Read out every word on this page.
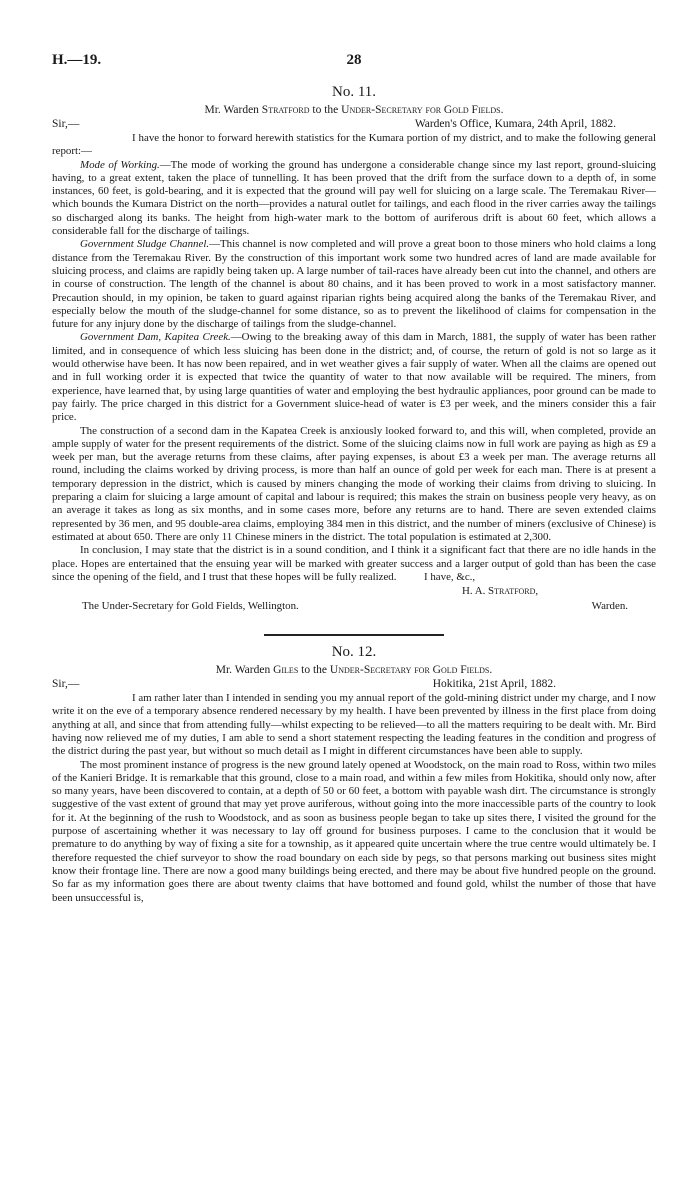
H.—19.	28
No. 11.
Mr. Warden Stratford to the Under-Secretary for Gold Fields.
Sir,—	Warden's Office, Kumara, 24th April, 1882.

I have the honor to forward herewith statistics for the Kumara portion of my district, and to make the following general report:—

Mode of Working.—The mode of working the ground has undergone a considerable change since my last report, ground-sluicing having, to a great extent, taken the place of tunnelling. It has been proved that the drift from the surface down to a depth of, in some instances, 60 feet, is gold-bearing, and it is expected that the ground will pay well for sluicing on a large scale. The Teremakau River—which bounds the Kumara District on the north—provides a natural outlet for tailings, and each flood in the river carries away the tailings so discharged along its banks. The height from high-water mark to the bottom of auriferous drift is about 60 feet, which allows a considerable fall for the discharge of tailings.

Government Sludge Channel.—This channel is now completed and will prove a great boon to those miners who hold claims a long distance from the Teremakau River. By the construction of this important work some two hundred acres of land are made available for sluicing process, and claims are rapidly being taken up. A large number of tail-races have already been cut into the channel, and others are in course of construction. The length of the channel is about 80 chains, and it has been proved to work in a most satisfactory manner. Precaution should, in my opinion, be taken to guard against riparian rights being acquired along the banks of the Teremakau River, and especially below the mouth of the sludge-channel for some distance, so as to prevent the likelihood of claims for compensation in the future for any injury done by the discharge of tailings from the sludge-channel.

Government Dam, Kapitea Creek.—Owing to the breaking away of this dam in March, 1881, the supply of water has been rather limited, and in consequence of which less sluicing has been done in the district; and, of course, the return of gold is not so large as it would otherwise have been. It has now been repaired, and in wet weather gives a fair supply of water. When all the claims are opened out and in full working order it is expected that twice the quantity of water to that now available will be required. The miners, from experience, have learned that, by using large quantities of water and employing the best hydraulic appliances, poor ground can be made to pay fairly. The price charged in this district for a Government sluice-head of water is £3 per week, and the miners consider this a fair price.

The construction of a second dam in the Kapatea Creek is anxiously looked forward to, and this will, when completed, provide an ample supply of water for the present requirements of the district. Some of the sluicing claims now in full work are paying as high as £9 a week per man, but the average returns from these claims, after paying expenses, is about £3 a week per man. The average returns all round, including the claims worked by driving process, is more than half an ounce of gold per week for each man. There is at present a temporary depression in the district, which is caused by miners changing the mode of working their claims from driving to sluicing. In preparing a claim for sluicing a large amount of capital and labour is required; this makes the strain on business people very heavy, as on an average it takes as long as six months, and in some cases more, before any returns are to hand. There are seven extended claims represented by 36 men, and 95 double-area claims, employing 384 men in this district, and the number of miners (exclusive of Chinese) is estimated at about 650. There are only 11 Chinese miners in the district. The total population is estimated at 2,300.

In conclusion, I may state that the district is in a sound condition, and I think it a significant fact that there are no idle hands in the place. Hopes are entertained that the ensuing year will be marked with greater success and a larger output of gold than has been the case since the opening of the field, and I trust that these hopes will be fully realized.	I have, &c.,
H. A. Stratford,
The Under-Secretary for Gold Fields, Wellington.	Warden.
No. 12.
Mr. Warden Giles to the Under-Secretary for Gold Fields.
Sir,—	Hokitika, 21st April, 1882.

I am rather later than I intended in sending you my annual report of the gold-mining district under my charge, and I now write it on the eve of a temporary absence rendered necessary by my health. I have been prevented by illness in the first place from doing anything at all, and since that from attending fully—whilst expecting to be relieved—to all the matters requiring to be dealt with. Mr. Bird having now relieved me of my duties, I am able to send a short statement respecting the leading features in the condition and progress of the district during the past year, but without so much detail as I might in different circumstances have been able to supply.

The most prominent instance of progress is the new ground lately opened at Woodstock, on the main road to Ross, within two miles of the Kanieri Bridge. It is remarkable that this ground, close to a main road, and within a few miles from Hokitika, should only now, after so many years, have been discovered to contain, at a depth of 50 or 60 feet, a bottom with payable wash dirt. The circumstance is strongly suggestive of the vast extent of ground that may yet prove auriferous, without going into the more inaccessible parts of the country to look for it. At the beginning of the rush to Woodstock, and as soon as business people began to take up sites there, I visited the ground for the purpose of ascertaining whether it was necessary to lay off ground for business purposes. I came to the conclusion that it would be premature to do anything by way of fixing a site for a township, as it appeared quite uncertain where the true centre would ultimately be. I therefore requested the chief surveyor to show the road boundary on each side by pegs, so that persons marking out business sites might know their frontage line. There are now a good many buildings being erected, and there may be about five hundred people on the ground. So far as my information goes there are about twenty claims that have bottomed and found gold, whilst the number of those that have been unsuccessful is,
